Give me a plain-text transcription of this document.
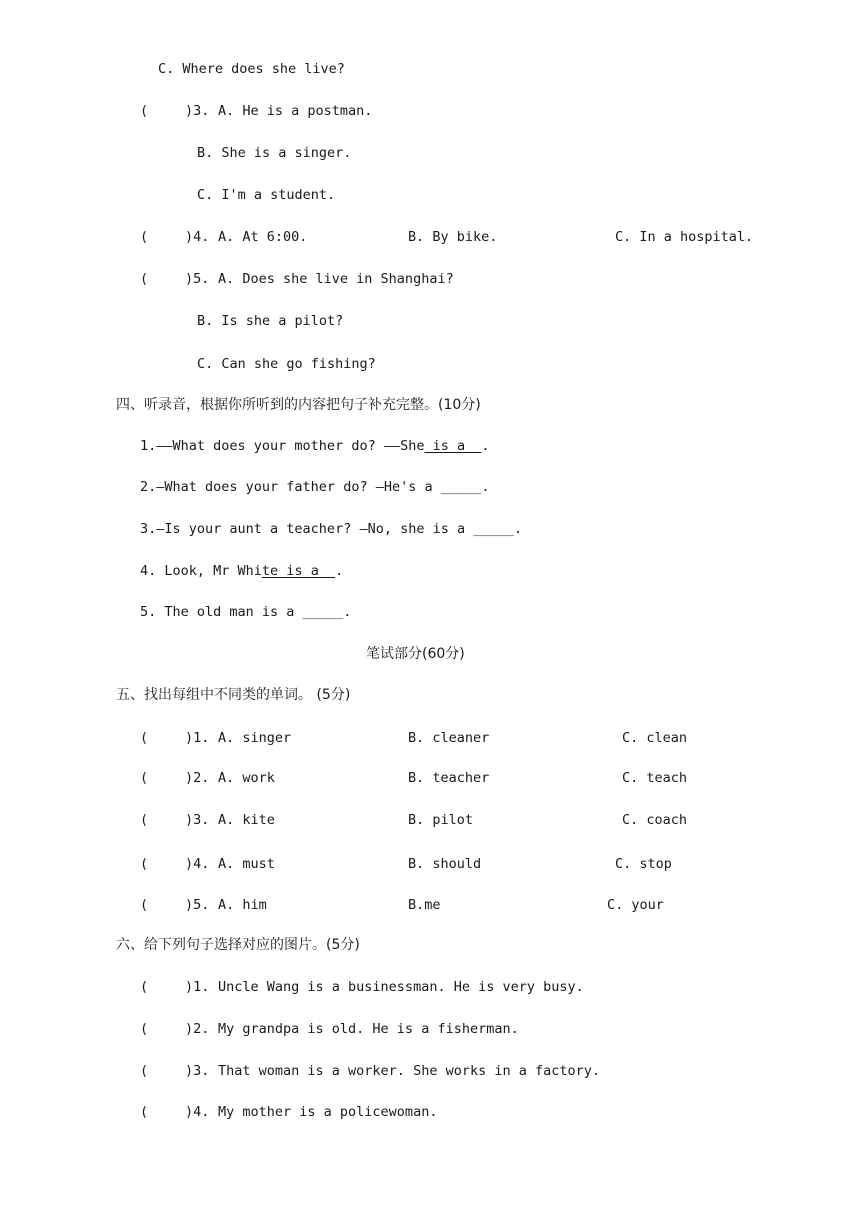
C. Where does she live?
(	)3. A. He is a postman.
B. She is a singer.
C. I'm a student.
(	)4. A. At 6:00.	B. By bike.	C. In a hospital.
(	)5. A. Does she live in Shanghai?
B. Is she a pilot?
C. Can she go fishing?
四、听录音，根据你所听到的内容把句子补充完整。(10分)
1.——What does your mother do? ——She is a  .
2.—What does your father do? —He's a _____.
3.—Is your aunt a teacher? —No, she is a _____.
4. Look, Mr White is a  .
5. The old man is a _____.
笔试部分(60分)
五、找出每组中不同类的单词。 (5分)
(	)1. A. singer	B. cleaner	C. clean
(	)2. A. work	B. teacher	C. teach
(	)3. A. kite	B. pilot	C. coach
(	)4. A. must	B. should	C. stop
(	)5. A. him	B.me	C. your
六、给下列句子选择对应的图片。(5分)
(	)1. Uncle Wang is a businessman. He is very busy.
(	)2. My grandpa is old. He is a fisherman.
(	)3. That woman is a worker. She works in a factory.
(	)4. My mother is a policewoman.
